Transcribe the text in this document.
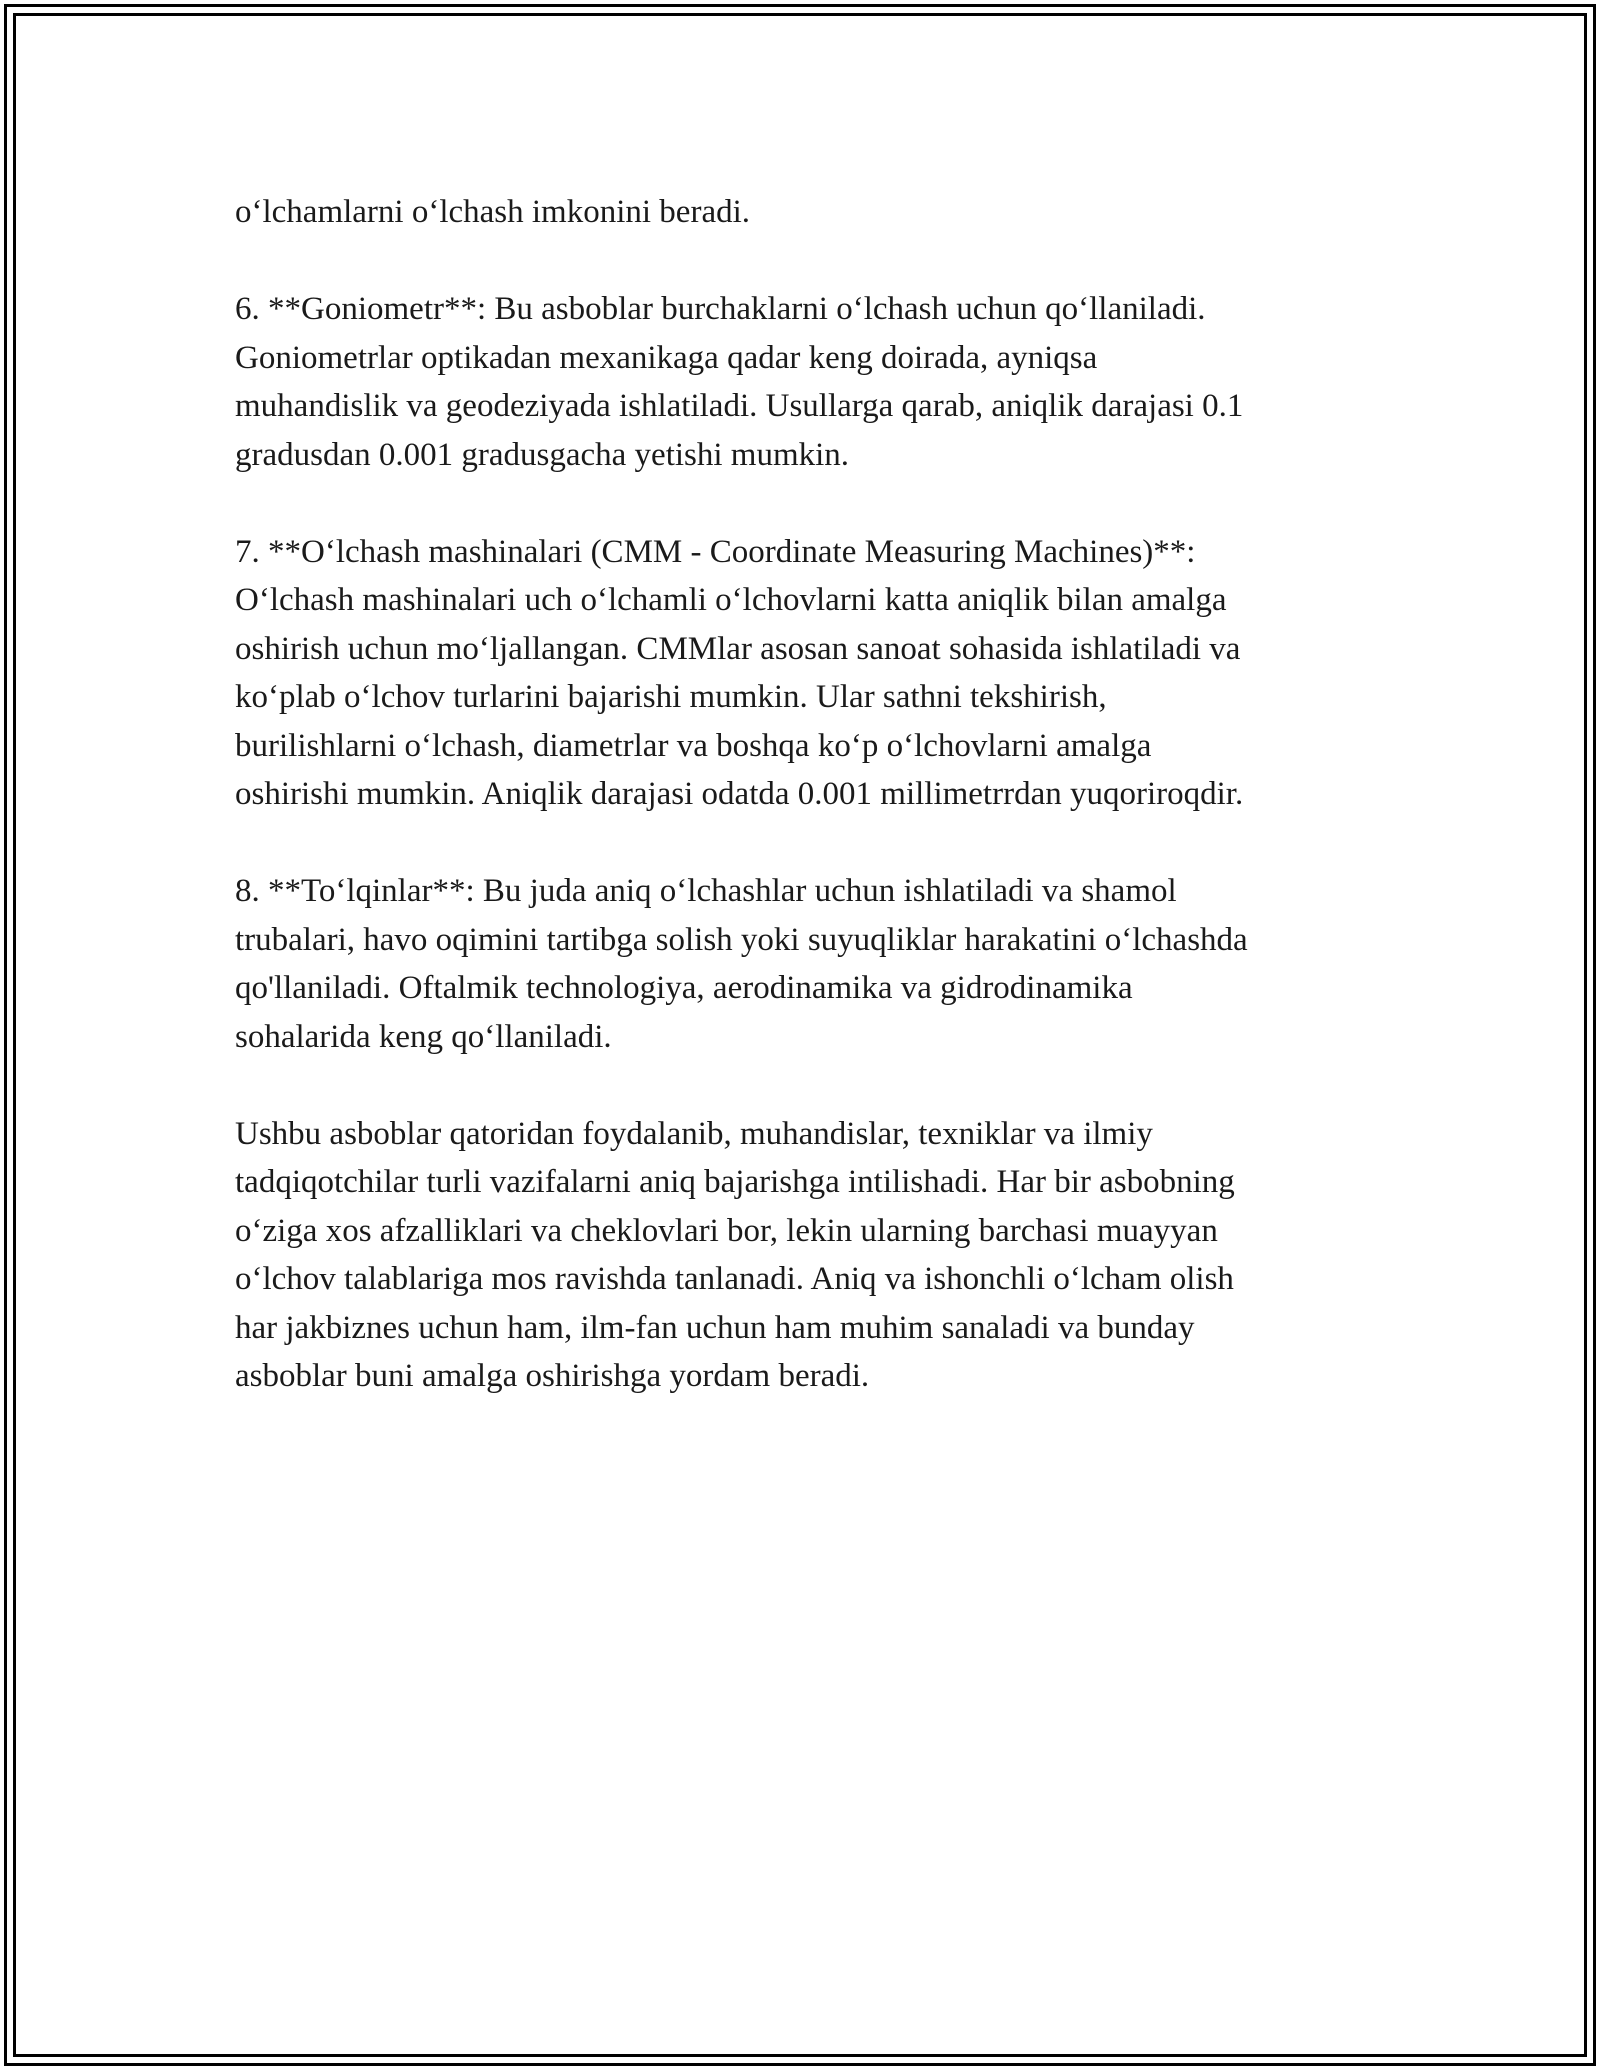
o‘lchamlarni o‘lchash imkonini beradi.

6. **Goniometr**: Bu asboblar burchaklarni o‘lchash uchun qo‘llaniladi.
Goniometrlar optikadan mexanikaga qadar keng doirada, ayniqsa
muhandislik va geodeziyada ishlatiladi. Usullarga qarab, aniqlik darajasi 0.1
gradusdan 0.001 gradusgacha yetishi mumkin.

7. **O‘lchash mashinalari (CMM - Coordinate Measuring Machines)**:
O‘lchash mashinalari uch o‘lchamli o‘lchovlarni katta aniqlik bilan amalga
oshirish uchun mo‘ljallangan. CMMlar asosan sanoat sohasida ishlatiladi va
ko‘plab o‘lchov turlarini bajarishi mumkin. Ular sathni tekshirish,
burilishlarni o‘lchash, diametrlar va boshqa ko‘p o‘lchovlarni amalga
oshirishi mumkin. Aniqlik darajasi odatda 0.001 millimetrrdan yuqoriroqdir.

8. **To‘lqinlar**: Bu juda aniq o‘lchashlar uchun ishlatiladi va shamol
trubalari, havo oqimini tartibga solish yoki suyuqliklar harakatini o‘lchashda
qo'llaniladi. Oftalmik technologiya, aerodinamika va gidrodinamika
sohalarida keng qo‘llaniladi.

Ushbu asboblar qatoridan foydalanib, muhandislar, texniklar va ilmiy
tadqiqotchilar turli vazifalarni aniq bajarishga intilishadi. Har bir asbobning
o‘ziga xos afzalliklari va cheklovlari bor, lekin ularning barchasi muayyan
o‘lchov talablariga mos ravishda tanlanadi. Aniq va ishonchli o‘lcham olish
har jakbiznes uchun ham, ilm-fan uchun ham muhim sanaladi va bunday
asboblar buni amalga oshirishga yordam beradi.
